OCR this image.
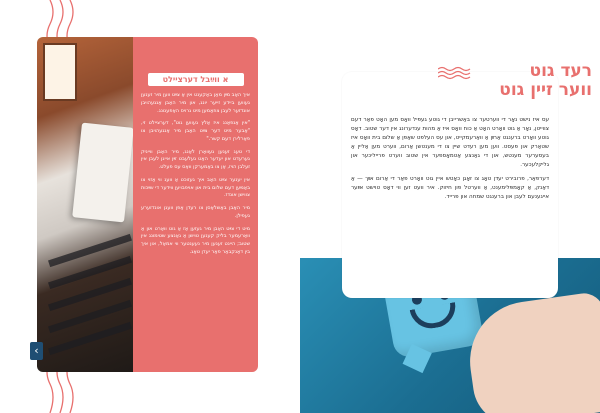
א ווײַבל דערציילט

איך האָב מײַן מאַן באַקענט אין אַ צײַט ווען מיר זענען געווען ביידע זייער יונג, און מיר האָבן אָנגעהויבן אונדזער לעבן צוזאַמען מיט גרויס האָפענונג.

"אין אַנפאַנג איז אַלץ געווען גוט", דערציילט זי, "אָבער מיט דער צײַט האָבן מיר אָנגעהויבן צו פאַרלירן דעם קשר."

די טעג זענען געוואָרן לאַנג, מיר האָבן ווייניק גערעדט און יעדער האָט געלעבט זײַן אייגן לעבן אין זעלבן הויז, אָן צו באַמערקן וואָס עס פעלט.

אין יענער צײַט האָב איך געזוכט אַ וועג ווי אַזוי צו באַנײַען דעם שלום בית און אויפבויען ווידער די שײַכות צווישן אונדז.

מיר האָבן באַשלאָסן צו רעדן אָפן וועגן אונדזערע געפילן.

מיט די צײַט האָבן מיר געזען אַז אַ גוט וואָרט און אַ וואַרעמער בליק קענען טוישן אַ גאַנצע שטימונג אין שטוב; היינט זענען מיר נעענטער ווי אמאָל, און איך בין דאַנקבאַר פאַר יעדן טאָג.

‹

עס איז נישט נאָר די ווערטער צו באַשרייבן די גוטע געפיל וואָס מען האָט פאַר דעם צווייטן, נאָר אַ גוט וואָרט האָט אַ כוח וואָס איז אַ מהות ענדערונג אין דער שטוב. דאָס גוטע וואָרט ברענגט אַרײַן אַ וואַרעמקייט, און עס העלפט שאַפן אַ שלום בית וואָס איז שטאַרק און פעסט. ווען מען רעדט שיין צו די מענטשן אַרום, ווערט מען אַליין אַ בעסערער מענטש, און די גאַנצע אַטמאָספער אין שטוב ווערט פרייליכער און גליקלעכער.

דערפאַר, פרובירט יעדן טאָג צו זאָגן כאָטש איין גוט וואָרט פאַר די אַרום אײַך — אַ דאַנק, אַ קאָמפּלימענט, אַ ווערטל פון חיזוק. איר וועט זען ווי דאָס טוישט אײַער אייגענעם לעבן און ברענגט שמחה און פרייד.

רעד גוט
ווער זיין גוט
